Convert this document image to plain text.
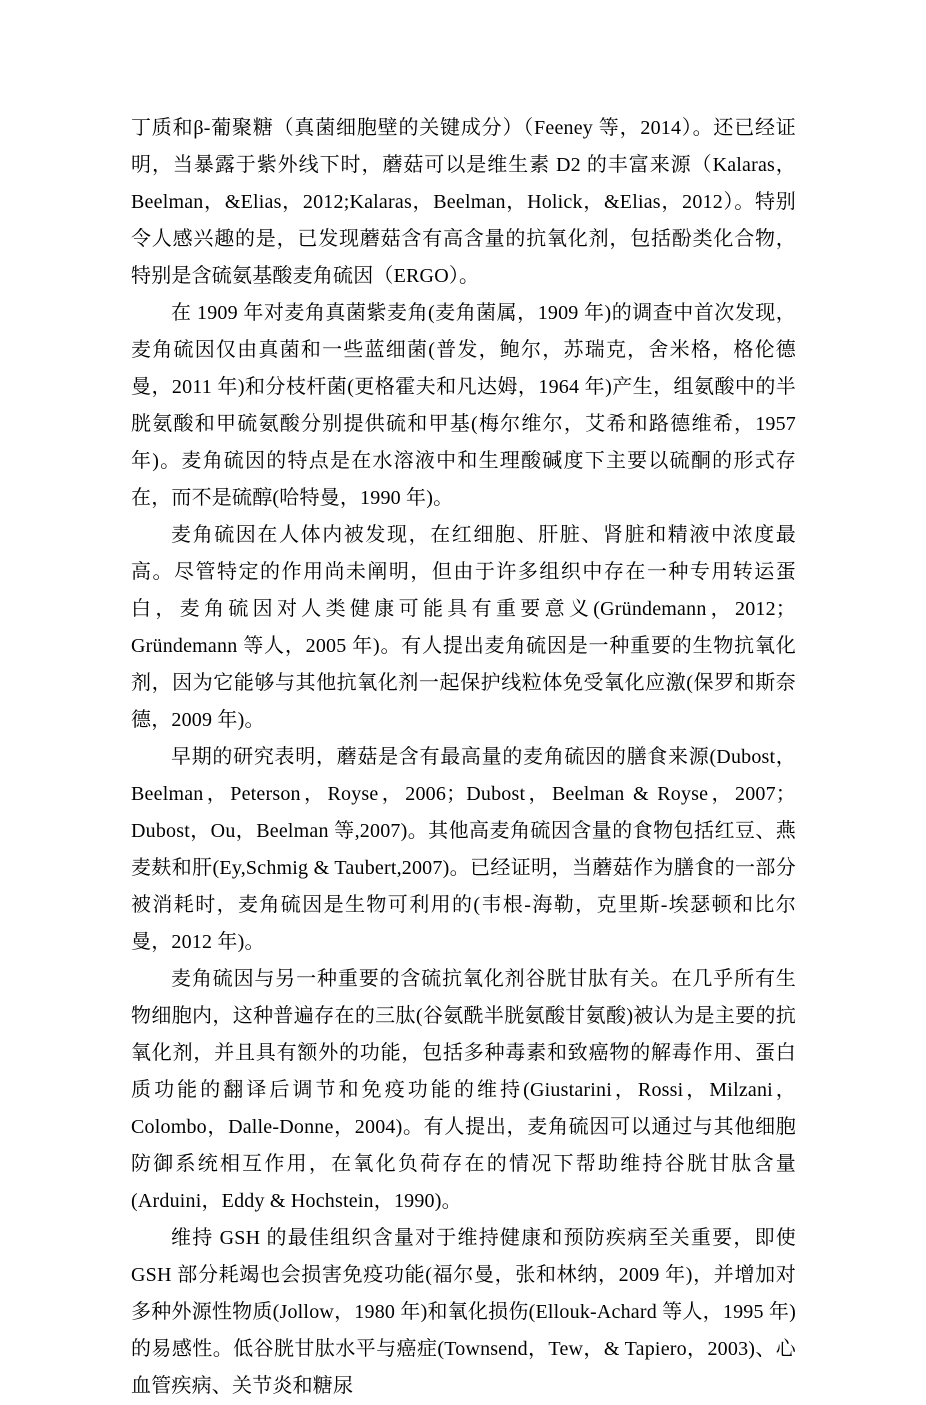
丁质和β-葡聚糖（真菌细胞壁的关键成分）（Feeney 等，2014）。还已经证明，当暴露于紫外线下时，蘑菇可以是维生素 D2 的丰富来源（Kalaras，Beelman，&Elias，2012;Kalaras，Beelman，Holick，&Elias，2012）。特别令人感兴趣的是，已发现蘑菇含有高含量的抗氧化剂，包括酚类化合物，特别是含硫氨基酸麦角硫因（ERGO）。

在 1909 年对麦角真菌紫麦角(麦角菌属，1909 年)的调查中首次发现，麦角硫因仅由真菌和一些蓝细菌(普发，鲍尔，苏瑞克，舍米格，格伦德曼，2011 年)和分枝杆菌(更格霍夫和凡达姆，1964 年)产生，组氨酸中的半胱氨酸和甲硫氨酸分别提供硫和甲基(梅尔维尔，艾希和路德维希，1957 年)。麦角硫因的特点是在水溶液中和生理酸碱度下主要以硫酮的形式存在，而不是硫醇(哈特曼，1990 年)。

麦角硫因在人体内被发现，在红细胞、肝脏、肾脏和精液中浓度最高。尽管特定的作用尚未阐明，但由于许多组织中存在一种专用转运蛋白，麦角硫因对人类健康可能具有重要意义(Gründemann，2012；Gründemann 等人，2005 年)。有人提出麦角硫因是一种重要的生物抗氧化剂，因为它能够与其他抗氧化剂一起保护线粒体免受氧化应激(保罗和斯奈德，2009 年)。

早期的研究表明，蘑菇是含有最高量的麦角硫因的膳食来源(Dubost，Beelman，Peterson，Royse，2006；Dubost，Beelman & Royse，2007；Dubost，Ou，Beelman 等,2007)。其他高麦角硫因含量的食物包括红豆、燕麦麸和肝(Ey,Schmig & Taubert,2007)。已经证明，当蘑菇作为膳食的一部分被消耗时，麦角硫因是生物可利用的(韦根-海勒，克里斯-埃瑟顿和比尔曼，2012 年)。

麦角硫因与另一种重要的含硫抗氧化剂谷胱甘肽有关。在几乎所有生物细胞内，这种普遍存在的三肽(谷氨酰半胱氨酸甘氨酸)被认为是主要的抗氧化剂，并且具有额外的功能，包括多种毒素和致癌物的解毒作用、蛋白质功能的翻译后调节和免疫功能的维持(Giustarini，Rossi，Milzani，Colombo，Dalle-Donne，2004)。有人提出，麦角硫因可以通过与其他细胞防御系统相互作用，在氧化负荷存在的情况下帮助维持谷胱甘肽含量(Arduini，Eddy & Hochstein，1990)。

维持 GSH 的最佳组织含量对于维持健康和预防疾病至关重要，即使 GSH 部分耗竭也会损害免疫功能(福尔曼，张和林纳，2009 年)，并增加对多种外源性物质(Jollow，1980 年)和氧化损伤(Ellouk-Achard 等人，1995 年)的易感性。低谷胱甘肽水平与癌症(Townsend，Tew，& Tapiero，2003)、心血管疾病、关节炎和糖尿
